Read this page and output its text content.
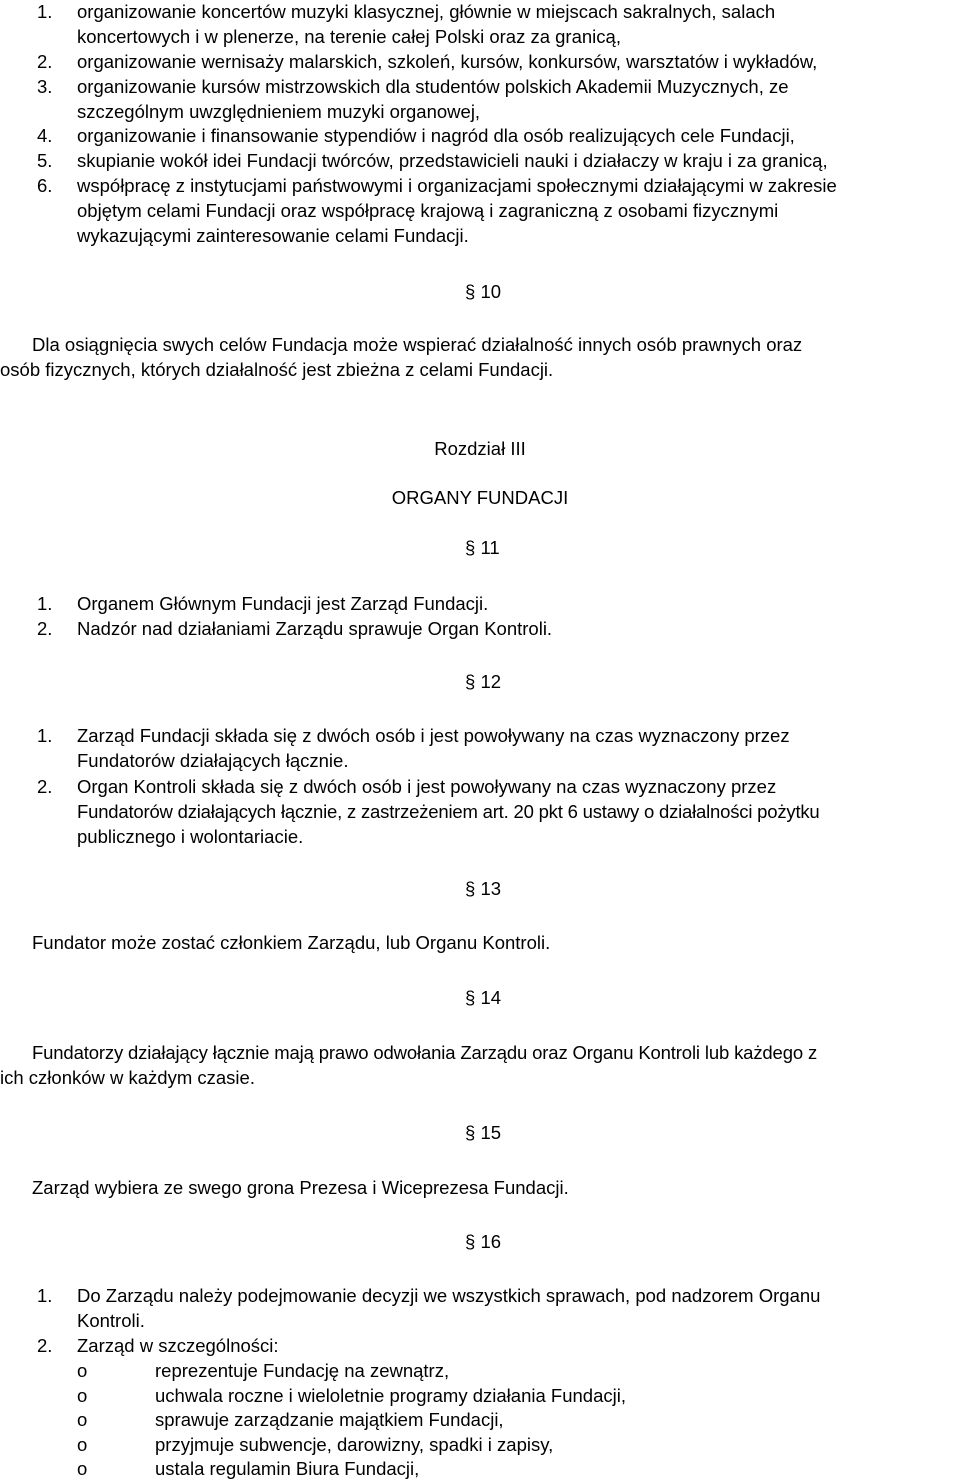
1. organizowanie koncertów muzyki klasycznej, głównie w miejscach sakralnych, salach
koncertowych i w plenerze, na terenie całej Polski oraz za granicą,
2. organizowanie wernisaży malarskich, szkoleń, kursów, konkursów, warsztatów i wykładów,
3. organizowanie kursów mistrzowskich dla studentów polskich Akademii Muzycznych, ze
szczególnym uwzględnieniem muzyki organowej,
4. organizowanie i finansowanie stypendiów i nagród dla osób realizujących cele Fundacji,
5. skupianie wokół idei Fundacji twórców, przedstawicieli nauki i działaczy w kraju i za granicą,
6. współpracę z instytucjami państwowymi i organizacjami społecznymi działającymi w zakresie
objętym celami Fundacji oraz współpracę krajową i zagraniczną z osobami fizycznymi
wykazującymi zainteresowanie celami Fundacji.
§ 10
Dla osiągnięcia swych celów Fundacja może wspierać działalność innych osób prawnych oraz
osób fizycznych, których działalność jest zbieżna z celami Fundacji.
Rozdział III
ORGANY FUNDACJI
§ 11
1. Organem Głównym Fundacji jest Zarząd Fundacji.
2. Nadzór nad działaniami Zarządu sprawuje Organ Kontroli.
§ 12
1. Zarząd Fundacji składa się z dwóch osób i jest powoływany na czas wyznaczony przez
Fundatorów działających łącznie.
2. Organ Kontroli składa się z dwóch osób i jest powoływany na czas wyznaczony przez
Fundatorów działających łącznie, z zastrzeżeniem art. 20 pkt 6 ustawy o działalności pożytku
publicznego i wolontariacie.
§ 13
Fundator może zostać członkiem Zarządu, lub Organu Kontroli.
§ 14
Fundatorzy działający łącznie mają prawo odwołania Zarządu oraz Organu Kontroli lub każdego z
ich członków w każdym czasie.
§ 15
Zarząd wybiera ze swego grona Prezesa i Wiceprezesa Fundacji.
§ 16
1. Do Zarządu należy podejmowanie decyzji we wszystkich sprawach, pod nadzorem Organu
Kontroli.
2. Zarząd w szczególności:
o	reprezentuje Fundację na zewnątrz,
o	uchwala roczne i wieloletnie programy działania Fundacji,
o	sprawuje zarządzanie majątkiem Fundacji,
o	przyjmuje subwencje, darowizny, spadki i zapisy,
o	ustala regulamin Biura Fundacji,
